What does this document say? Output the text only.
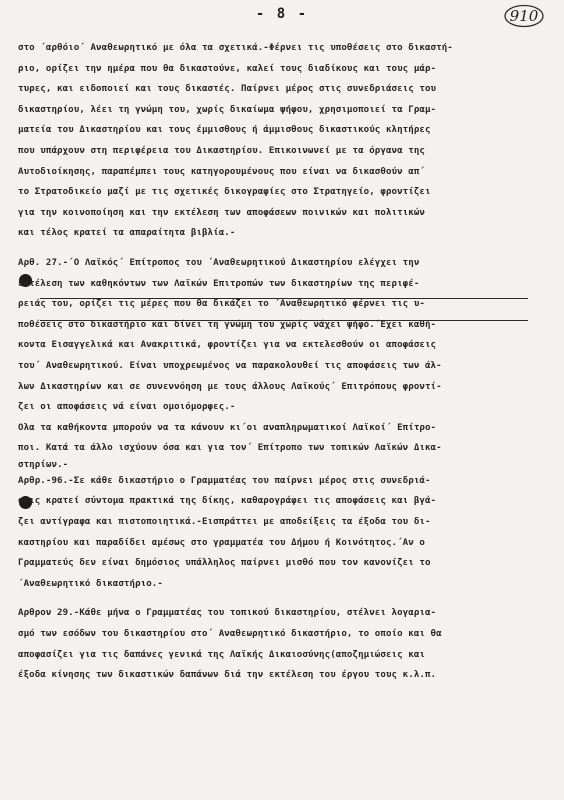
- 8 -	910
στο ΄αρθόιο΄ Αναθεωρητικό με όλα τα σχετικά.-Φέρνει τις υποθέσεις στο δικαστή-
ριο, ορίζει την ημέρα που θα δικαστούνε, καλεί τους διαδίκους και τους μάρ-
τυρες, και ειδοποιεί και τους δικαστές. Παίρνει μέρος στις συνεδριάσεις του
δικαστηρίου, λέει τη γνώμη του, χωρίς δικαίωμα ψήφου, χρησιμοποιεί τα Γραμ-
ματεία του Δικαστηρίου και τους έμμισθους ή άμμισθους δικαστικούς κλητήρες
που υπάρχουν στη περιφέρεια του Δικαστηρίου. Επικοινωνεί με τα όργανα της
Αυτοδιοίκησης, παραπέμπει τους κατηγορουμένους που είναι να δικασθούν απ΄
το Στρατοδικείο μαζί με τις σχετικές δικογραφίες στο Στρατηγείο, φροντίζει
για την κοινοποίηση και την εκτέλεση των αποφάσεων ποινικών και πολιτικών
και τέλος κρατεί τα απαραίτητα βιβλία.-
Αρθ. 27.-΄Ο Λαϊκός΄ Επίτροπος του ΄Αναθεωρητικού Δικαστηρίου ελέγχει την
εκτέλεση των καθηκόντων των Λαϊκών Επιτροπών των δικαστηρίων της περιφέ-
ρειάς του, ορίζει τις μέρες που θα δικάζει το ΄Αναθεωρητικό φέρνει τις υ-
ποθέσεις στο δικαστήριο και δίνει τη γνώμη του χωρίς νάχει ψήφο.΄Εχει καθή-
κοντα Εισαγγελικά και Ανακριτικά, φροντίζει για να εκτελεσθούν οι αποφάσεις
του΄ Αναθεωρητικού. Είναι υποχρεωμένος να παρακολουθεί τις αποφάσεις των άλ-
λων Δικαστηρίων και σε συνεννόηση με τους άλλους Λαϊκούς΄ Επιτρόπους φροντί-
ζει οι αποφάσεις νά είναι ομοιόμορφες.-
Ολα τα καθήκοντα μπορούν να τα κάνουν κι΄οι αναπληρωματικοί Λαϊκοί΄ Επίτρο-
ποι. Κατά τα άλλο ισχύουν όσα και για τον΄ Επίτροπο των τοπικών Λαϊκών Δικα-
στηρίων.-
Αρθρ.-96.-Σε κάθε δικαστήριο ο Γραμματέας του παίρνει μέρος στις συνεδριά-
σεις κρατεί σύντομα πρακτικά της δίκης, καθαρογράφει τις αποφάσεις και βγά-
ζει αντίγραφα και πιστοποιητικά.-Εισπράττει με αποδείξεις τα έξοδα του δι-
καστηρίου και παραδίδει αμέσως στο γραμματέα του Δήμου ή Κοινότητος.΄Αν ο
Γραμματεύς δεν είναι δημόσιος υπάλληλος παίρνει μισθό που τον κανονίζει το
΄Αναθεωρητικό δικαστήριο.-
Αρθρον 29.-Κάθε μήνα ο Γραμματέας του τοπικού δικαστηρίου, στέλνει λογαρια-
σμό των εσόδων του δικαστηρίου στο΄ Αναθεωρητικό δικαστήριο, το οποίο και θα
αποφασίζει για τις δαπάνες γενικά της Λαϊκής Δικαιοσύνης(αποζημιώσεις και
έξοδα κίνησης των δικαστικών δαπάνων διά την εκτέλεση του έργου τους κ.λ.π.
